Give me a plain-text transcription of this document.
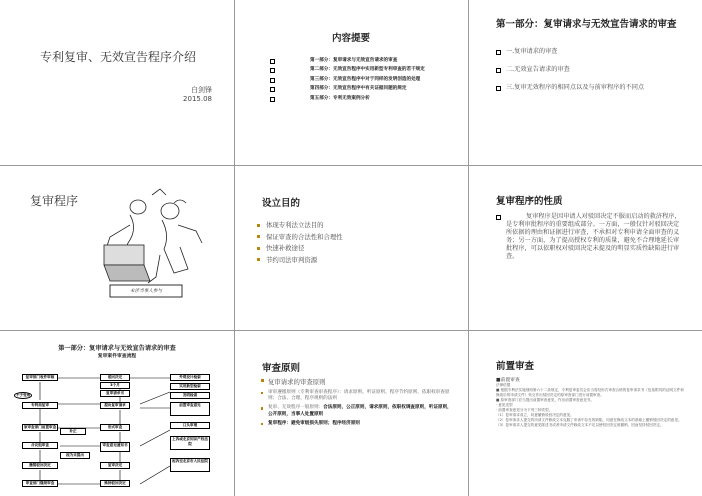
专利复审、无效宣告程序介绍
白剑锋
2015.08
内容提要
第一部分：复审请求与无效宣告请求的审查
第二部分：无效宣告程序中实用新型专利审查的若干规定
第三部分：无效宣告程序中对于同样的发明创造的处理
第四部分：无效宣告程序中有关证据问题的规定
第五部分：专利无效案例分析
第一部分：复审请求与无效宣告请求的审查
一.复审请求的审查
二.无效宣告请求的审查
三.复审无效程序的相同点以及与前审程序的不同点
复审程序
未涉当事人参与
设立目的
体现专利法立法目的
保证审查的合法性和合理性
快速补救途径
节约司法审判资源
复审程序的性质
复审程序是因申请人对驳回决定不服而启动的救济程序，是专利审批程序的重要组成部分。一方面，一般仅针对驳回决定所依据的理由和证据进行审查，不承担对专利申请全面审查的义务；另一方面，为了提高授权专利的质量，避免不合理地延长审批程序，可以依职权对驳回决定未提及的明显实质性缺陷进行审查。
第一部分：复审请求与无效宣告请求的审查
复审案件审查流程
复审部门收件审核	驳回决定	外观设计检索
实用新型检索
发明检索
不予受理
3个月
复审请求书
提出复审请求
专利局复审	前置审查意见
原审查部门前置审查	形式审查
补正
口头审理
合议组审查	审查意见通知书
上诉或北京知识产权法院
视为未提出
撤销驳回决定	复审决定
起诉至北京市人民法院
审查部门继续审查	维持驳回决定
审查原则
复审请求的审查原则
审审遵循原则（专利审查审查程序）：请求原则、听证原则、程序节约原则、依职权审查原则；合法、合理、程序规则的法则
复审、无效程序一般原则：合法原则，公正原则，请求原则，依职权调查原则，听证原则，公开原则，当事人处置原则
复审程序：避免审级损失原则；程序经济原则
前置审查
■前置审查
法律依据
■ 根据专利法实施细则第六十二条规定，专利复审委员会应当将经形式审查合格的复审请求书（包括附具的证明文件和修改后的申请文件）转交作出驳回决定的原审查部门进行前置审查。
■ 原审查部门应当提出前置审查意见，作出前置审查意见书。
· 意见类型
· 前置审查意见分为下列三种类型。
（1）复审请求成立，同意撤销驳回决定的意见。
（2）复审请求人提交的申请文件修改文本克服了申请中存在的缺陷，同意在修改文本的基础上撤销驳回决定的意见。
（3）复审请求人提交的意见陈述书或者申请文件修改文本不足以使驳回决定被撤销，因而坚持驳回决定。
